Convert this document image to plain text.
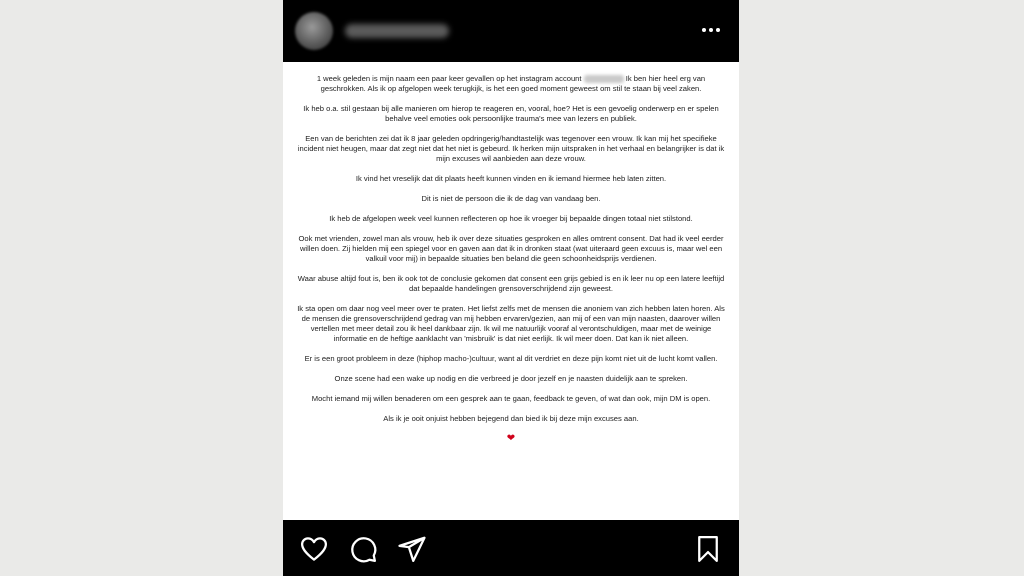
1 week geleden is mijn naam een paar keer gevallen op het instagram account	Ik ben hier heel erg van geschrokken. Als ik op afgelopen week terugkijk, is het een goed moment geweest om stil te staan bij veel zaken.

Ik heb o.a. stil gestaan bij alle manieren om hierop te reageren en, vooral, hoe? Het is een gevoelig onderwerp en er spelen behalve veel emoties ook persoonlijke trauma's mee van lezers en publiek.

Een van de berichten zei dat ik 8 jaar geleden opdringerig/handtastelijk was tegenover een vrouw. Ik kan mij het specifieke incident niet heugen, maar dat zegt niet dat het niet is gebeurd. Ik herken mijn uitspraken in het verhaal en belangrijker is dat ik mijn excuses wil aanbieden aan deze vrouw.

Ik vind het vreselijk dat dit plaats heeft kunnen vinden en ik iemand hiermee heb laten zitten.

Dit is niet de persoon die ik de dag van vandaag ben.

Ik heb de afgelopen week veel kunnen reflecteren op hoe ik vroeger bij bepaalde dingen totaal niet stilstond.

Ook met vrienden, zowel man als vrouw, heb ik over deze situaties gesproken en alles omtrent consent. Dat had ik veel eerder willen doen. Zij hielden mij een spiegel voor en gaven aan dat ik in dronken staat (wat uiteraard geen excuus is, maar wel een valkuil voor mij) in bepaalde situaties ben beland die geen schoonheidsprijs verdienen.

Waar abuse altijd fout is, ben ik ook tot de conclusie gekomen dat consent een grijs gebied is en ik leer nu op een latere leeftijd dat bepaalde handelingen grensoverschrijdend zijn geweest.

Ik sta open om daar nog veel meer over te praten. Het liefst zelfs met de mensen die anoniem van zich hebben laten horen. Als de mensen die grensoverschrijdend gedrag van mij hebben ervaren/gezien, aan mij of een van mijn naasten, daarover willen vertellen met meer detail zou ik heel dankbaar zijn. Ik wil me natuurlijk vooraf al verontschuldigen, maar met de weinige informatie en de heftige aanklacht van 'misbruik' is dat niet eerlijk. Ik wil meer doen. Dat kan ik niet alleen.

Er is een groot probleem in deze (hiphop macho-)cultuur, want al dit verdriet en deze pijn komt niet uit de lucht komt vallen.

Onze scene had een wake up nodig en die verbreed je door jezelf en je naasten duidelijk aan te spreken.

Mocht iemand mij willen benaderen om een gesprek aan te gaan, feedback te geven, of wat dan ook, mijn DM is open.

Als ik je ooit onjuist hebben bejegend dan bied ik bij deze mijn excuses aan.

❤
